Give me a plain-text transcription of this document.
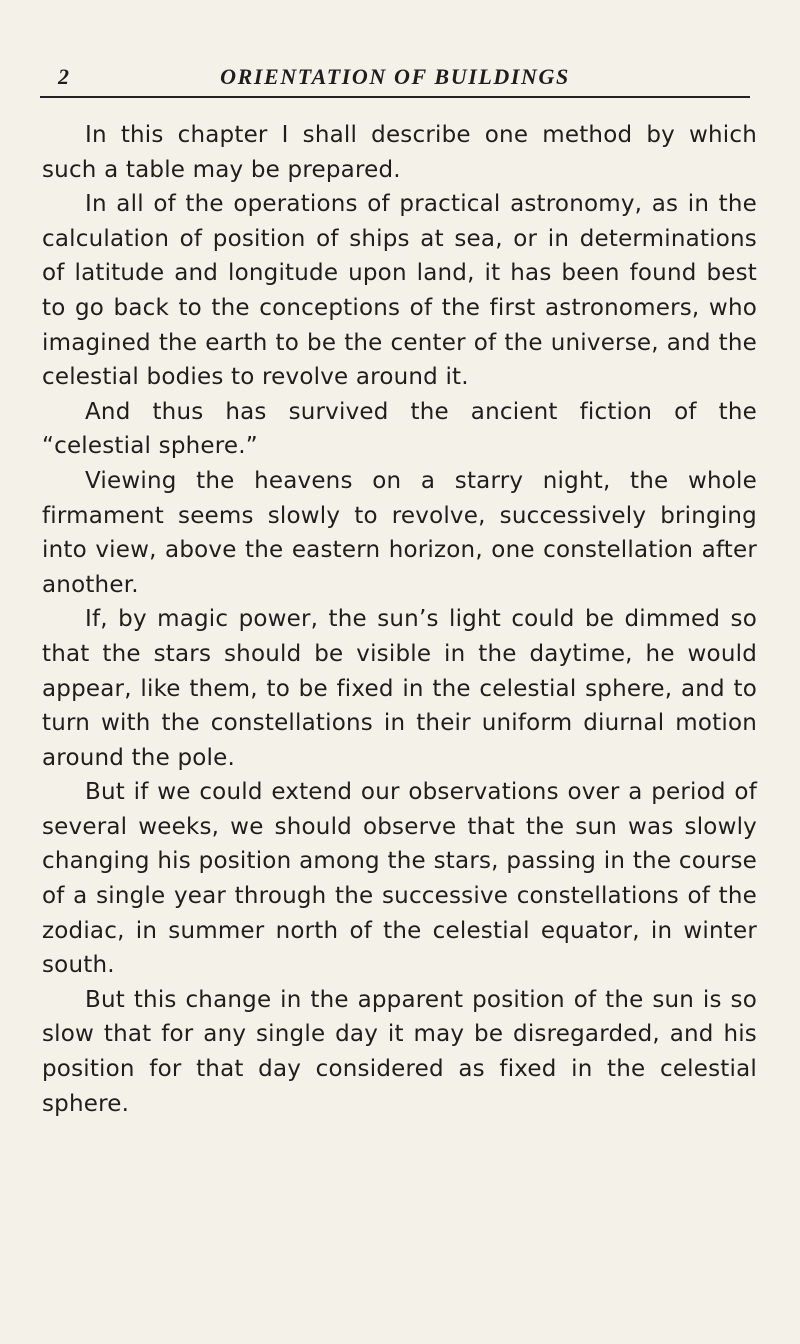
2	ORIENTATION OF BUILDINGS

In this chapter I shall describe one method by which such a table may be prepared.

In all of the operations of practical astronomy, as in the calculation of position of ships at sea, or in determinations of latitude and longitude upon land, it has been found best to go back to the conceptions of the first astronomers, who imagined the earth to be the center of the universe, and the celestial bodies to revolve around it.

And thus has survived the ancient fiction of the “celestial sphere.”

Viewing the heavens on a starry night, the whole firmament seems slowly to revolve, successively bringing into view, above the eastern horizon, one constellation after another.

If, by magic power, the sun’s light could be dimmed so that the stars should be visible in the daytime, he would appear, like them, to be fixed in the celestial sphere, and to turn with the constellations in their uniform diurnal motion around the pole.

But if we could extend our observations over a period of several weeks, we should observe that the sun was slowly changing his position among the stars, passing in the course of a single year through the successive constellations of the zodiac, in summer north of the celestial equator, in winter south.

But this change in the apparent position of the sun is so slow that for any single day it may be disregarded, and his position for that day considered as fixed in the celestial sphere.
